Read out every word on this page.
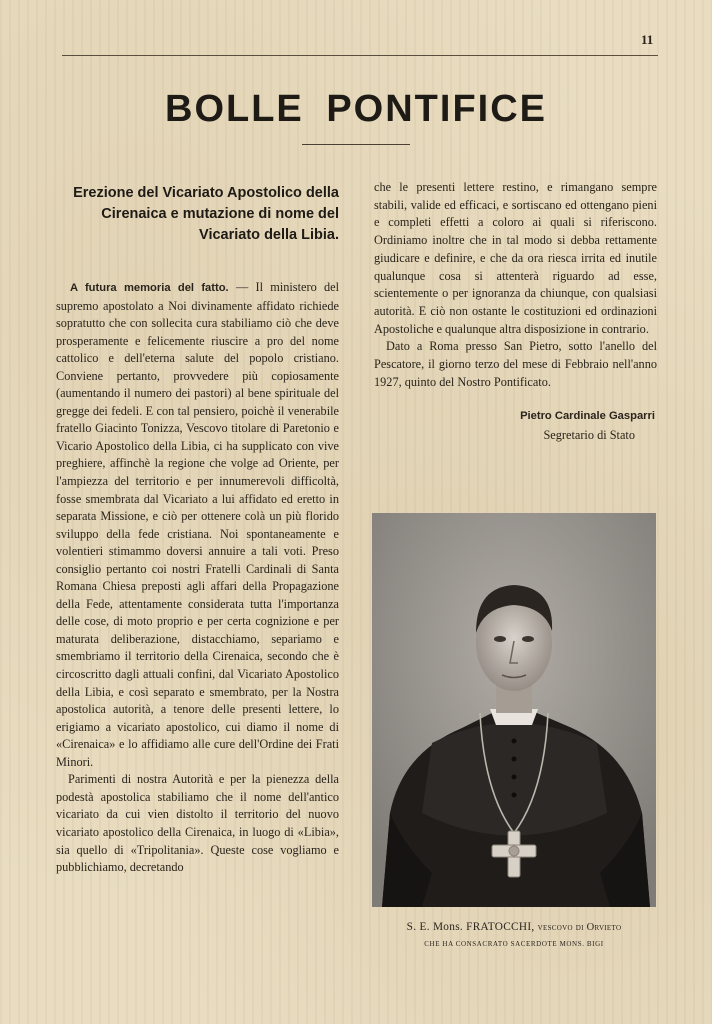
11
BOLLE PONTIFICE

Erezione del Vicariato Apostolico della Cirenaica e mutazione di nome del Vicariato della Libia.

A futura memoria del fatto. — Il ministero del supremo apostolato a Noi divinamente affidato richiede sopratutto che con sollecita cura stabiliamo ciò che deve prosperamente e felicemente riuscire a pro del nome cattolico e dell'eterna salute del popolo cristiano. Conviene pertanto, provvedere più copiosamente (aumentando il numero dei pastori) al bene spirituale del gregge dei fedeli. E con tal pensiero, poichè il venerabile fratello Giacinto Tonizza, Vescovo titolare di Paretonio e Vicario Apostolico della Libia, ci ha supplicato con vive preghiere, affinchè la regione che volge ad Oriente, per l'ampiezza del territorio e per innumerevoli difficoltà, fosse smembrata dal Vicariato a lui affidato ed eretto in separata Missione, e ciò per ottenere colà un più florido sviluppo della fede cristiana. Noi spontaneamente e volentieri stimammo doversi annuire a tali voti. Preso consiglio pertanto coi nostri Fratelli Cardinali di Santa Romana Chiesa preposti agli affari della Propagazione della Fede, attentamente considerata tutta l'importanza delle cose, di moto proprio e per certa cognizione e per maturata deliberazione, distacchiamo, separiamo e smembriamo il territorio della Cirenaica, secondo che è circoscritto dagli attuali confini, dal Vicariato Apostolico della Libia, e così separato e smembrato, per la Nostra apostolica autorità, a tenore delle presenti lettere, lo erigiamo a vicariato apostolico, cui diamo il nome di «Cirenaica» e lo affidiamo alle cure dell'Ordine dei Frati Minori.

Parimenti di nostra Autorità e per la pienezza della podestà apostolica stabiliamo che il nome dell'antico vicariato da cui vien distolto il territorio del nuovo vicariato apostolico della Cirenaica, in luogo di «Libia», sia quello di «Tripolitania». Queste cose vogliamo e pubblichiamo, decretando

che le presenti lettere restino, e rimangano sempre stabili, valide ed efficaci, e sortiscano ed ottengano pieni e completi effetti a coloro ai quali si riferiscono. Ordiniamo inoltre che in tal modo si debba rettamente giudicare e definire, e che da ora riesca irrita ed inutile qualunque cosa si attenterà riguardo ad esse, scientemente o per ignoranza da chiunque, con qualsiasi autorità. E ciò non ostante le costituzioni ed ordinazioni Apostoliche e qualunque altra disposizione in contrario.

Dato a Roma presso San Pietro, sotto l'anello del Pescatore, il giorno terzo del mese di Febbraio nell'anno 1927, quinto del Nostro Pontificato.

Pietro Cardinale Gasparri
Segretario di Stato
S. E. Mons. FRATOCCHI, vescovo di Orvieto
CHE HA CONSACRATO SACERDOTE MONS. BIGI
